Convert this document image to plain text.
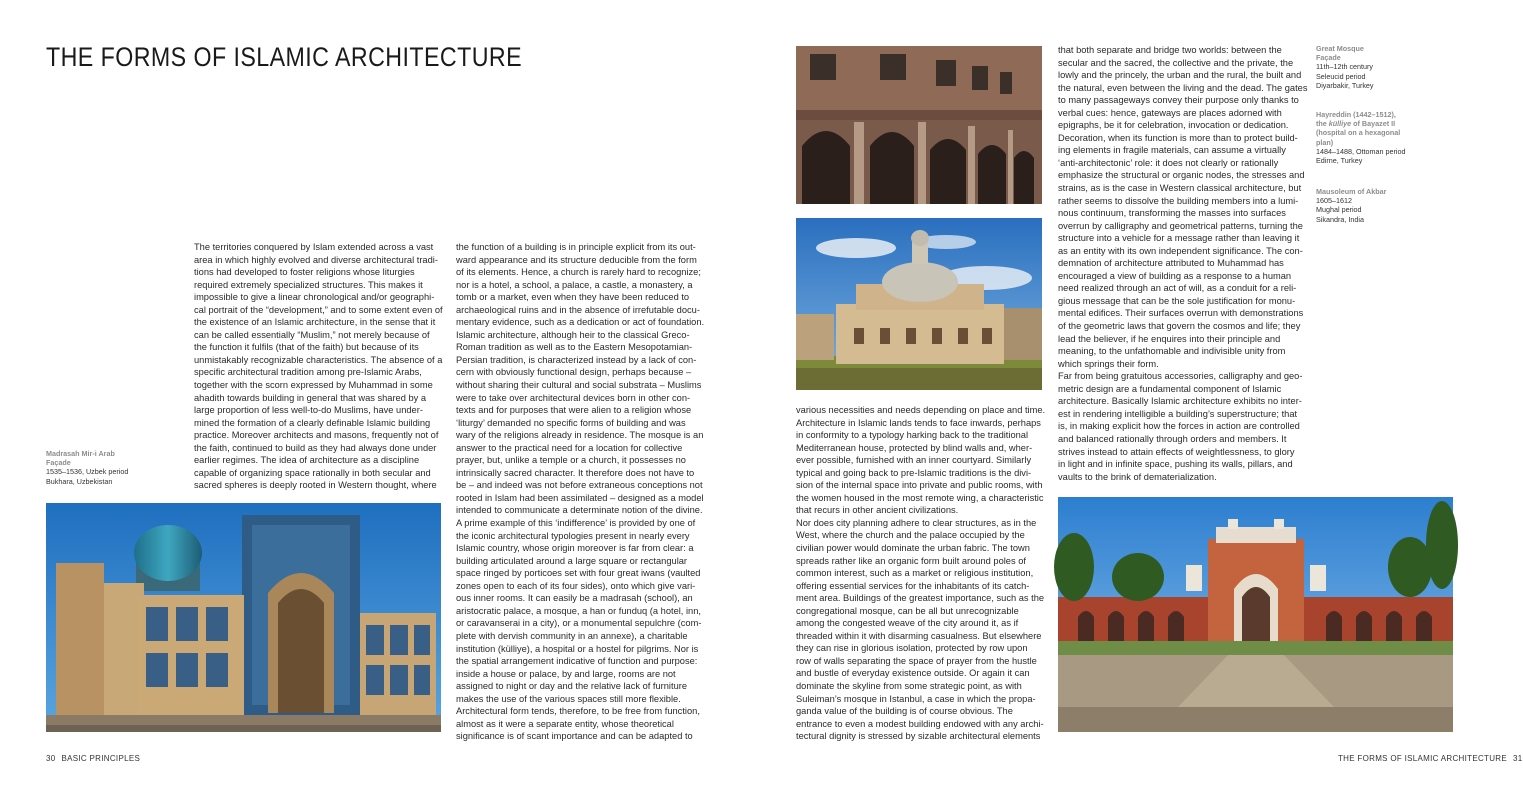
THE FORMS OF ISLAMIC ARCHITECTURE

The territories conquered by Islam extended across a vast
area in which highly evolved and diverse architectural tradi-
tions had developed to foster religions whose liturgies
required extremely specialized structures. This makes it
impossible to give a linear chronological and/or geographi-
cal portrait of the “development,” and to some extent even of
the existence of an Islamic architecture, in the sense that it
can be called essentially “Muslim,” not merely because of
the function it fulfils (that of the faith) but because of its
unmistakably recognizable characteristics. The absence of a
specific architectural tradition among pre-Islamic Arabs,
together with the scorn expressed by Muhammad in some
ahadith towards building in general that was shared by a
large proportion of less well-to-do Muslims, have under-
mined the formation of a clearly definable Islamic building
practice. Moreover architects and masons, frequently not of
the faith, continued to build as they had always done under
earlier regimes. The idea of architecture as a discipline
capable of organizing space rationally in both secular and
sacred spheres is deeply rooted in Western thought, where

the function of a building is in principle explicit from its out-
ward appearance and its structure deducible from the form
of its elements. Hence, a church is rarely hard to recognize;
nor is a hotel, a school, a palace, a castle, a monastery, a
tomb or a market, even when they have been reduced to
archaeological ruins and in the absence of irrefutable docu-
mentary evidence, such as a dedication or act of foundation.
Islamic architecture, although heir to the classical Greco-
Roman tradition as well as to the Eastern Mesopotamian-
Persian tradition, is characterized instead by a lack of con-
cern with obviously functional design, perhaps because –
without sharing their cultural and social substrata – Muslims
were to take over architectural devices born in other con-
texts and for purposes that were alien to a religion whose
‘liturgy’ demanded no specific forms of building and was
wary of the religions already in residence. The mosque is an
answer to the practical need for a location for collective
prayer, but, unlike a temple or a church, it possesses no
intrinsically sacred character. It therefore does not have to
be – and indeed was not before extraneous conceptions not
rooted in Islam had been assimilated – designed as a model
intended to communicate a determinate notion of the divine.
A prime example of this ‘indifference’ is provided by one of
the iconic architectural typologies present in nearly every
Islamic country, whose origin moreover is far from clear: a
building articulated around a large square or rectangular
space ringed by porticoes set with four great iwans (vaulted
zones open to each of its four sides), onto which give vari-
ous inner rooms. It can easily be a madrasah (school), an
aristocratic palace, a mosque, a han or funduq (a hotel, inn,
or caravanserai in a city), or a monumental sepulchre (com-
plete with dervish community in an annexe), a charitable
institution (külliye), a hospital or a hostel for pilgrims. Nor is
the spatial arrangement indicative of function and purpose:
inside a house or palace, by and large, rooms are not
assigned to night or day and the relative lack of furniture
makes the use of the various spaces still more flexible.
Architectural form tends, therefore, to be free from function,
almost as it were a separate entity, whose theoretical
significance is of scant importance and can be adapted to

Madrasah Mir-i Arab
Façade
1535–1536, Uzbek period
Bukhara, Uzbekistan
30 BASIC PRINCIPLES

various necessities and needs depending on place and time.
Architecture in Islamic lands tends to face inwards, perhaps
in conformity to a typology harking back to the traditional
Mediterranean house, protected by blind walls and, wher-
ever possible, furnished with an inner courtyard. Similarly
typical and going back to pre-Islamic traditions is the divi-
sion of the internal space into private and public rooms, with
the women housed in the most remote wing, a characteristic
that recurs in other ancient civilizations.
Nor does city planning adhere to clear structures, as in the
West, where the church and the palace occupied by the
civilian power would dominate the urban fabric. The town
spreads rather like an organic form built around poles of
common interest, such as a market or religious institution,
offering essential services for the inhabitants of its catch-
ment area. Buildings of the greatest importance, such as the
congregational mosque, can be all but unrecognizable
among the congested weave of the city around it, as if
threaded within it with disarming casualness. But elsewhere
they can rise in glorious isolation, protected by row upon
row of walls separating the space of prayer from the hustle
and bustle of everyday existence outside. Or again it can
dominate the skyline from some strategic point, as with
Suleiman’s mosque in Istanbul, a case in which the propa-
ganda value of the building is of course obvious. The
entrance to even a modest building endowed with any archi-
tectural dignity is stressed by sizable architectural elements

that both separate and bridge two worlds: between the
secular and the sacred, the collective and the private, the
lowly and the princely, the urban and the rural, the built and
the natural, even between the living and the dead. The gates
to many passageways convey their purpose only thanks to
verbal cues: hence, gateways are places adorned with
epigraphs, be it for celebration, invocation or dedication.
Decoration, when its function is more than to protect build-
ing elements in fragile materials, can assume a virtually
‘anti-architectonic’ role: it does not clearly or rationally
emphasize the structural or organic nodes, the stresses and
strains, as is the case in Western classical architecture, but
rather seems to dissolve the building members into a lumi-
nous continuum, transforming the masses into surfaces
overrun by calligraphy and geometrical patterns, turning the
structure into a vehicle for a message rather than leaving it
as an entity with its own independent significance. The con-
demnation of architecture attributed to Muhammad has
encouraged a view of building as a response to a human
need realized through an act of will, as a conduit for a reli-
gious message that can be the sole justification for monu-
mental edifices. Their surfaces overrun with demonstrations
of the geometric laws that govern the cosmos and life; they
lead the believer, if he enquires into their principle and
meaning, to the unfathomable and indivisible unity from
which springs their form.
Far from being gratuitous accessories, calligraphy and geo-
metric design are a fundamental component of Islamic
architecture. Basically Islamic architecture exhibits no inter-
est in rendering intelligible a building’s superstructure; that
is, in making explicit how the forces in action are controlled
and balanced rationally through orders and members. It
strives instead to attain effects of weightlessness, to glory
in light and in infinite space, pushing its walls, pillars, and
vaults to the brink of dematerialization.

Great Mosque
Façade
11th–12th century
Seleucid period
Diyarbakir, Turkey
Hayreddin (1442–1512),
the külliye of Bayazet II
(hospital on a hexagonal
plan)
1484–1488, Ottoman period
Edirne, Turkey
Mausoleum of Akbar
1605–1612
Mughal period
Sikandra, India
THE FORMS OF ISLAMIC ARCHITECTURE 31
